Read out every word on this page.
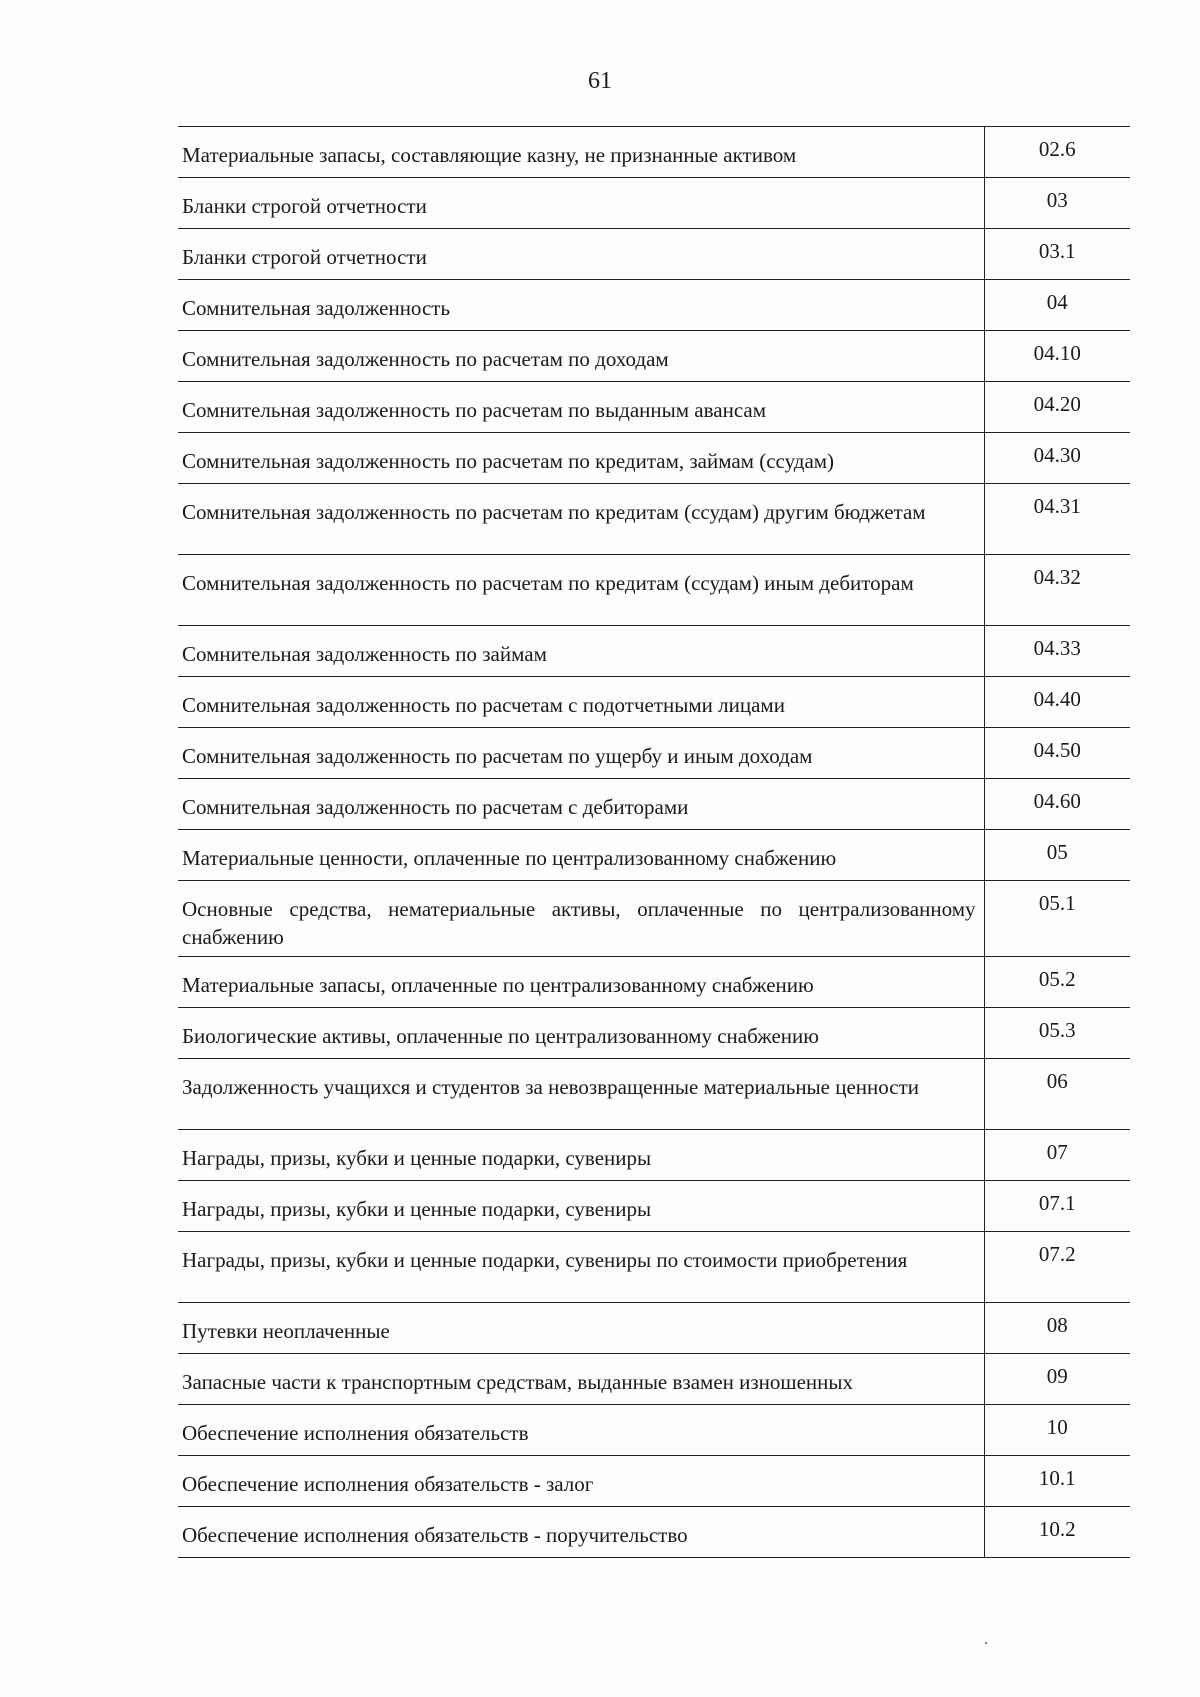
61
Материальные запасы, составляющие казну, не признанные активом	02.6
Бланки строгой отчетности	03
Бланки строгой отчетности	03.1
Сомнительная задолженность	04
Сомнительная задолженность по расчетам по доходам	04.10
Сомнительная задолженность по расчетам по выданным авансам	04.20
Сомнительная задолженность по расчетам по кредитам, займам (ссудам)	04.30
Сомнительная задолженность по расчетам по кредитам (ссудам) другим бюджетам	04.31
Сомнительная задолженность по расчетам по кредитам (ссудам) иным дебиторам	04.32
Сомнительная задолженность по займам	04.33
Сомнительная задолженность по расчетам с подотчетными лицами	04.40
Сомнительная задолженность по расчетам по ущербу и иным доходам	04.50
Сомнительная задолженность по расчетам с дебиторами	04.60
Материальные ценности, оплаченные по централизованному снабжению	05
Основные средства, нематериальные активы, оплаченные по централизованному снабжению	05.1
Материальные запасы, оплаченные по централизованному снабжению	05.2
Биологические активы, оплаченные по централизованному снабжению	05.3
Задолженность учащихся и студентов за невозвращенные материальные ценности	06
Награды, призы, кубки и ценные подарки, сувениры	07
Награды, призы, кубки и ценные подарки, сувениры	07.1
Награды, призы, кубки и ценные подарки, сувениры по стоимости приобретения	07.2
Путевки неоплаченные	08
Запасные части к транспортным средствам, выданные взамен изношенных	09
Обеспечение исполнения обязательств	10
Обеспечение исполнения обязательств - залог	10.1
Обеспечение исполнения обязательств - поручительство	10.2
